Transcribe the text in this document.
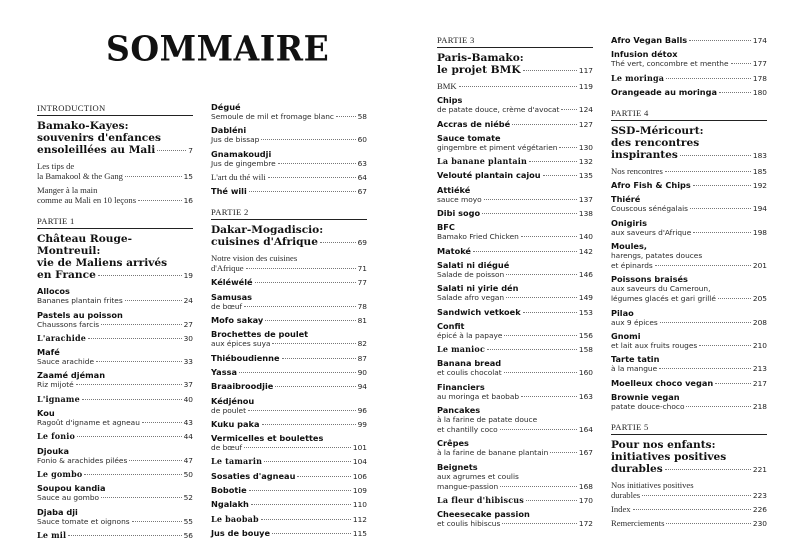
SOMMAIRE
INTRODUCTION
Bamako-Kayes:
souvenirs d'enfances
ensoleillées au Mali	7
Les tips de
la Bamakool & the Gang	15
Manger à la main
comme au Mali en 10 leçons	16
PARTIE 1
Château Rouge-Montreuil:
vie de Maliens arrivés
en France	19
Allocos
Bananes plantain frites	24
Pastels au poisson
Chaussons farcis	27
L'arachide	30
Mafé
Sauce arachide	33
Zaamé djéman
Riz mijoté	37
L'igname	40
Kou
Ragoût d'igname et agneau	43
Le fonio	44
Djouka
Fonio & arachides pilées	47
Le gombo	50
Soupou kandia
Sauce au gombo	52
Djaba dji
Sauce tomate et oignons	55
Le mil	56
Dégué
Semoule de mil et fromage blanc	58
Dabléni
Jus de bissap	60
Gnamakoudji
Jus de gingembre	63
L'art du thé wili	64
Thé wili	67
PARTIE 2
Dakar-Mogadiscio:
cuisines d'Afrique	69
Notre vision des cuisines
d'Afrique	71
Kéléwélé	77
Samusas
de bœuf	78
Mofo sakay	81
Brochettes de poulet
aux épices suya	82
Thiéboudienne	87
Yassa	90
Braaibroodjie	94
Kédjénou
de poulet	96
Kuku paka	99
Vermicelles et boulettes
de bœuf	101
Le tamarin	104
Sosaties d'agneau	106
Bobotie	109
Ngalakh	110
Le baobab	112
Jus de bouye	115
PARTIE 3
Paris-Bamako:
le projet BMK	117
BMK	119
Chips
de patate douce, crème d'avocat	124
Accras de niébé	127
Sauce tomate
gingembre et piment végétarien	130
La banane plantain	132
Velouté plantain cajou	135
Attiéké
sauce moyo	137
Dibi sogo	138
BFC
Bamako Fried Chicken	140
Matoké	142
Salati ni diégué
Salade de poisson	146
Salati ni yirie dén
Salade afro vegan	149
Sandwich vetkoek	153
Confit
épicé à la papaye	156
Le manioc	158
Banana bread
et coulis chocolat	160
Financiers
au moringa et baobab	163
Pancakes
à la farine de patate douce
et chantilly coco	164
Crêpes
à la farine de banane plantain	167
Beignets
aux agrumes et coulis
mangue-passion	168
La fleur d'hibiscus	170
Cheesecake passion
et coulis hibiscus	172
Afro Vegan Balls	174
Infusion détox
Thé vert, concombre et menthe	177
Le moringa	178
Orangeade au moringa	180
PARTIE 4
SSD-Méricourt:
des rencontres
inspirantes	183
Nos rencontres	185
Afro Fish & Chips	192
Thiéré
Couscous sénégalais	194
Onigiris
aux saveurs d'Afrique	198
Moules,
harengs, patates douces
et épinards	201
Poissons braisés
aux saveurs du Cameroun,
légumes glacés et gari grillé	205
Pilao
aux 9 épices	208
Gnomi
et lait aux fruits rouges	210
Tarte tatin
à la mangue	213
Moelleux choco vegan	217
Brownie vegan
patate douce-choco	218
PARTIE 5
Pour nos enfants:
initiatives positives
durables	221
Nos initiatives positives
durables	223
Index	226
Remerciements	230
